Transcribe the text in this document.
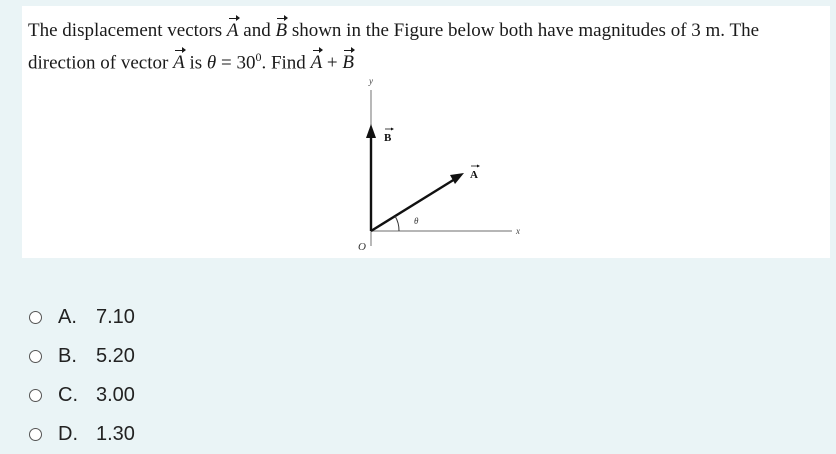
The displacement vectors A and B shown in the Figure below both have magnitudes of 3 m. The
direction of vector A is $\theta = 30^0$. Find A + B
y
x
O
θ
A
B
A. 7.10
B. 5.20
C. 3.00
D. 1.30
